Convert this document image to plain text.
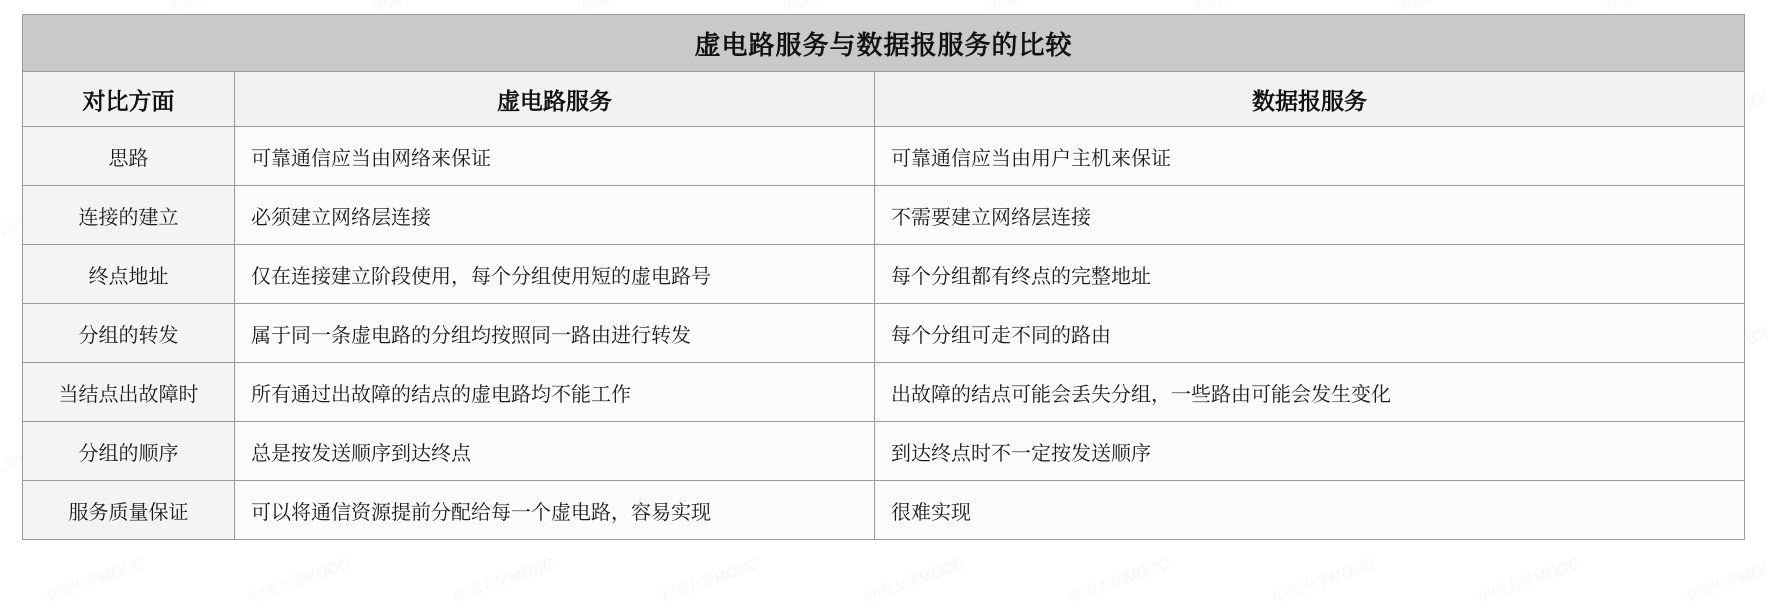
虚电路服务与数据报服务的比较		
对比方面	虚电路服务	数据报服务
思路	可靠通信应当由网络来保证	可靠通信应当由用户主机来保证
连接的建立	必须建立网络层连接	不需要建立网络层连接
终点地址	仅在连接建立阶段使用，每个分组使用短的虚电路号	每个分组都有终点的完整地址
分组的转发	属于同一条虚电路的分组均按照同一路由进行转发	每个分组可走不同的路由
当结点出故障时	所有通过出故障的结点的虚电路均不能工作	出故障的结点可能会丢失分组，一些路由可能会发生变化
分组的顺序	总是按发送顺序到达终点	到达终点时不一定按发送顺序
服务质量保证	可以将通信资源提前分配给每一个虚电路，容易实现	很难实现
